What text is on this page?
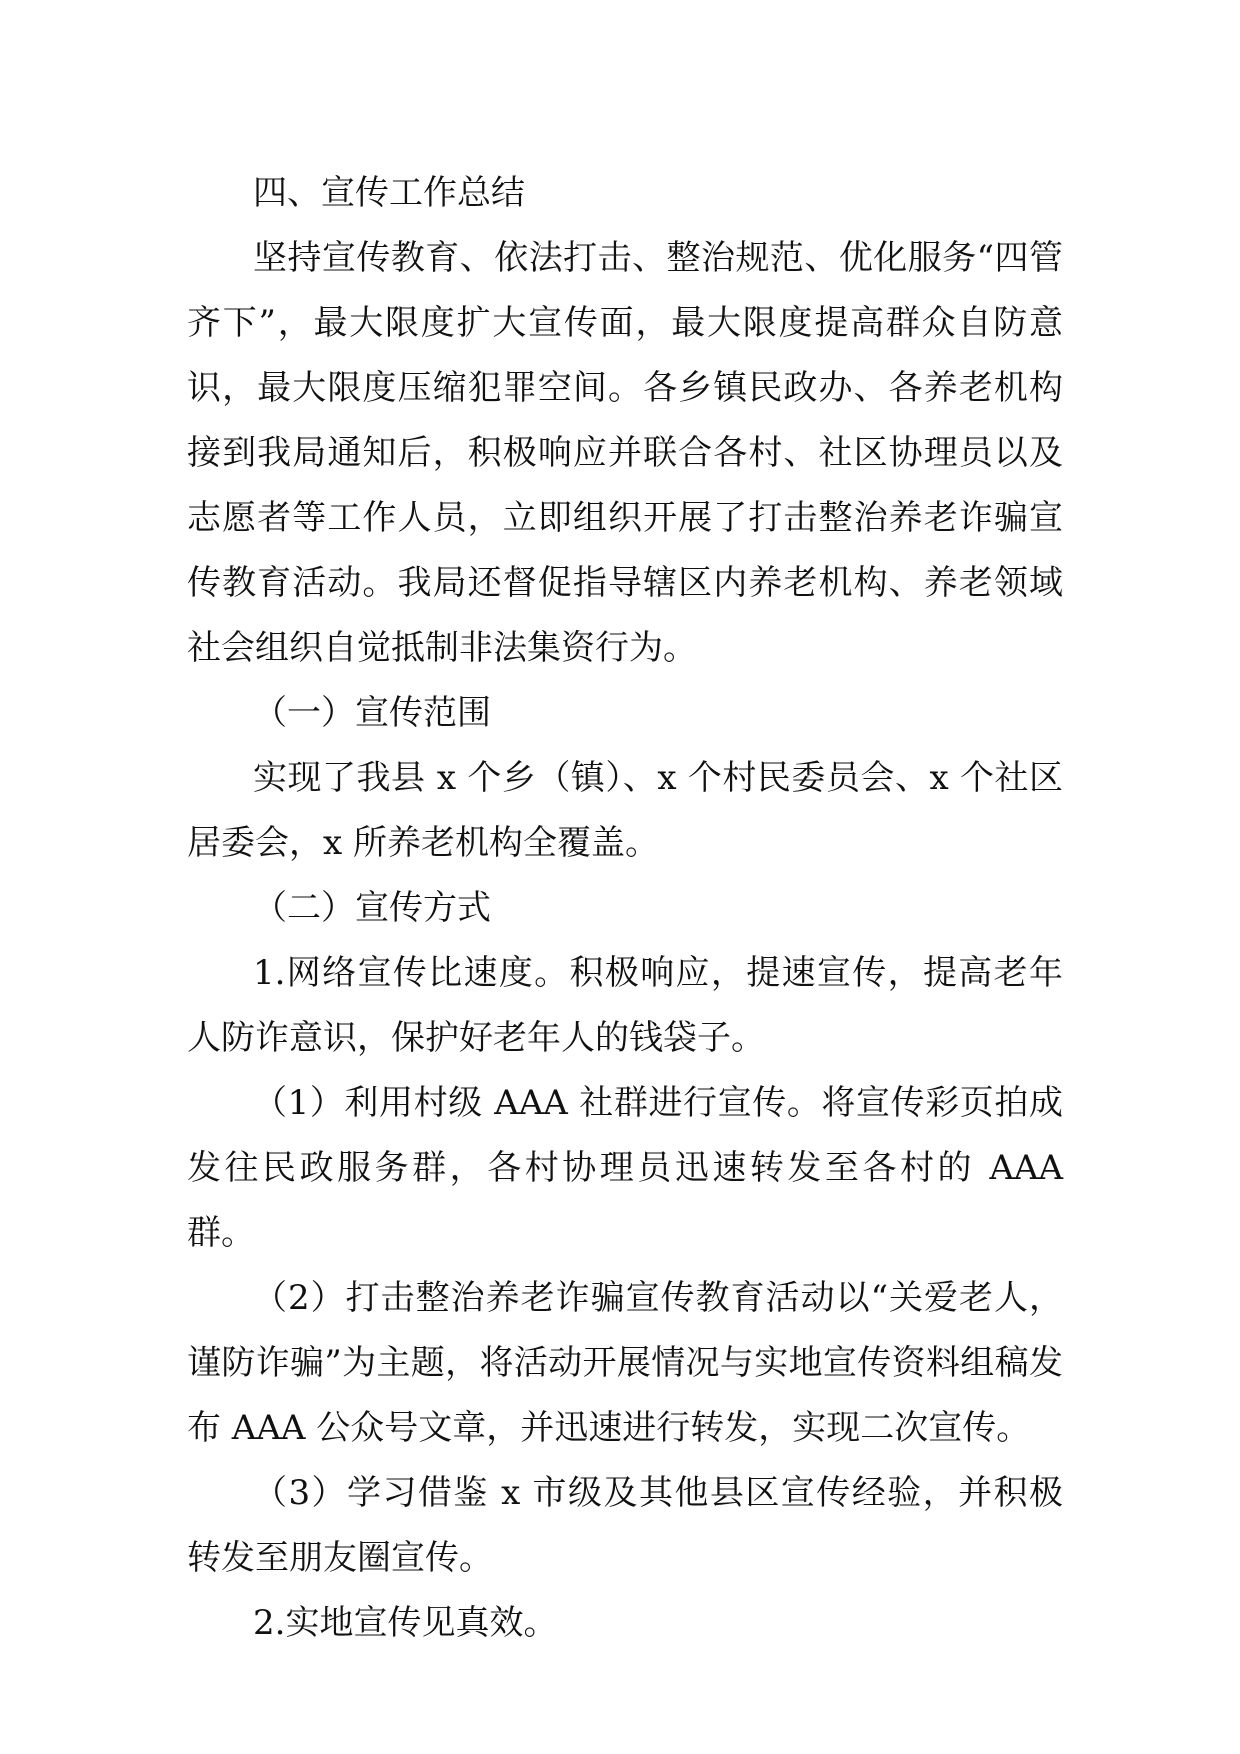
四、宣传工作总结

坚持宣传教育、依法打击、整治规范、优化服务“四管齐下”，最大限度扩大宣传面，最大限度提高群众自防意识，最大限度压缩犯罪空间。各乡镇民政办、各养老机构接到我局通知后，积极响应并联合各村、社区协理员以及志愿者等工作人员，立即组织开展了打击整治养老诈骗宣传教育活动。我局还督促指导辖区内养老机构、养老领域社会组织自觉抵制非法集资行为。

（一）宣传范围

实现了我县 x 个乡（镇）、x 个村民委员会、x 个社区居委会，x 所养老机构全覆盖。

（二）宣传方式

1.网络宣传比速度。积极响应，提速宣传，提高老年人防诈意识，保护好老年人的钱袋子。

（1）利用村级 AAA 社群进行宣传。将宣传彩页拍成发往民政服务群，各村协理员迅速转发至各村的 AAA 群。

（2）打击整治养老诈骗宣传教育活动以“关爱老人，谨防诈骗”为主题，将活动开展情况与实地宣传资料组稿发布 AAA 公众号文章，并迅速进行转发，实现二次宣传。

（3）学习借鉴 x 市级及其他县区宣传经验，并积极转发至朋友圈宣传。

2.实地宣传见真效。
